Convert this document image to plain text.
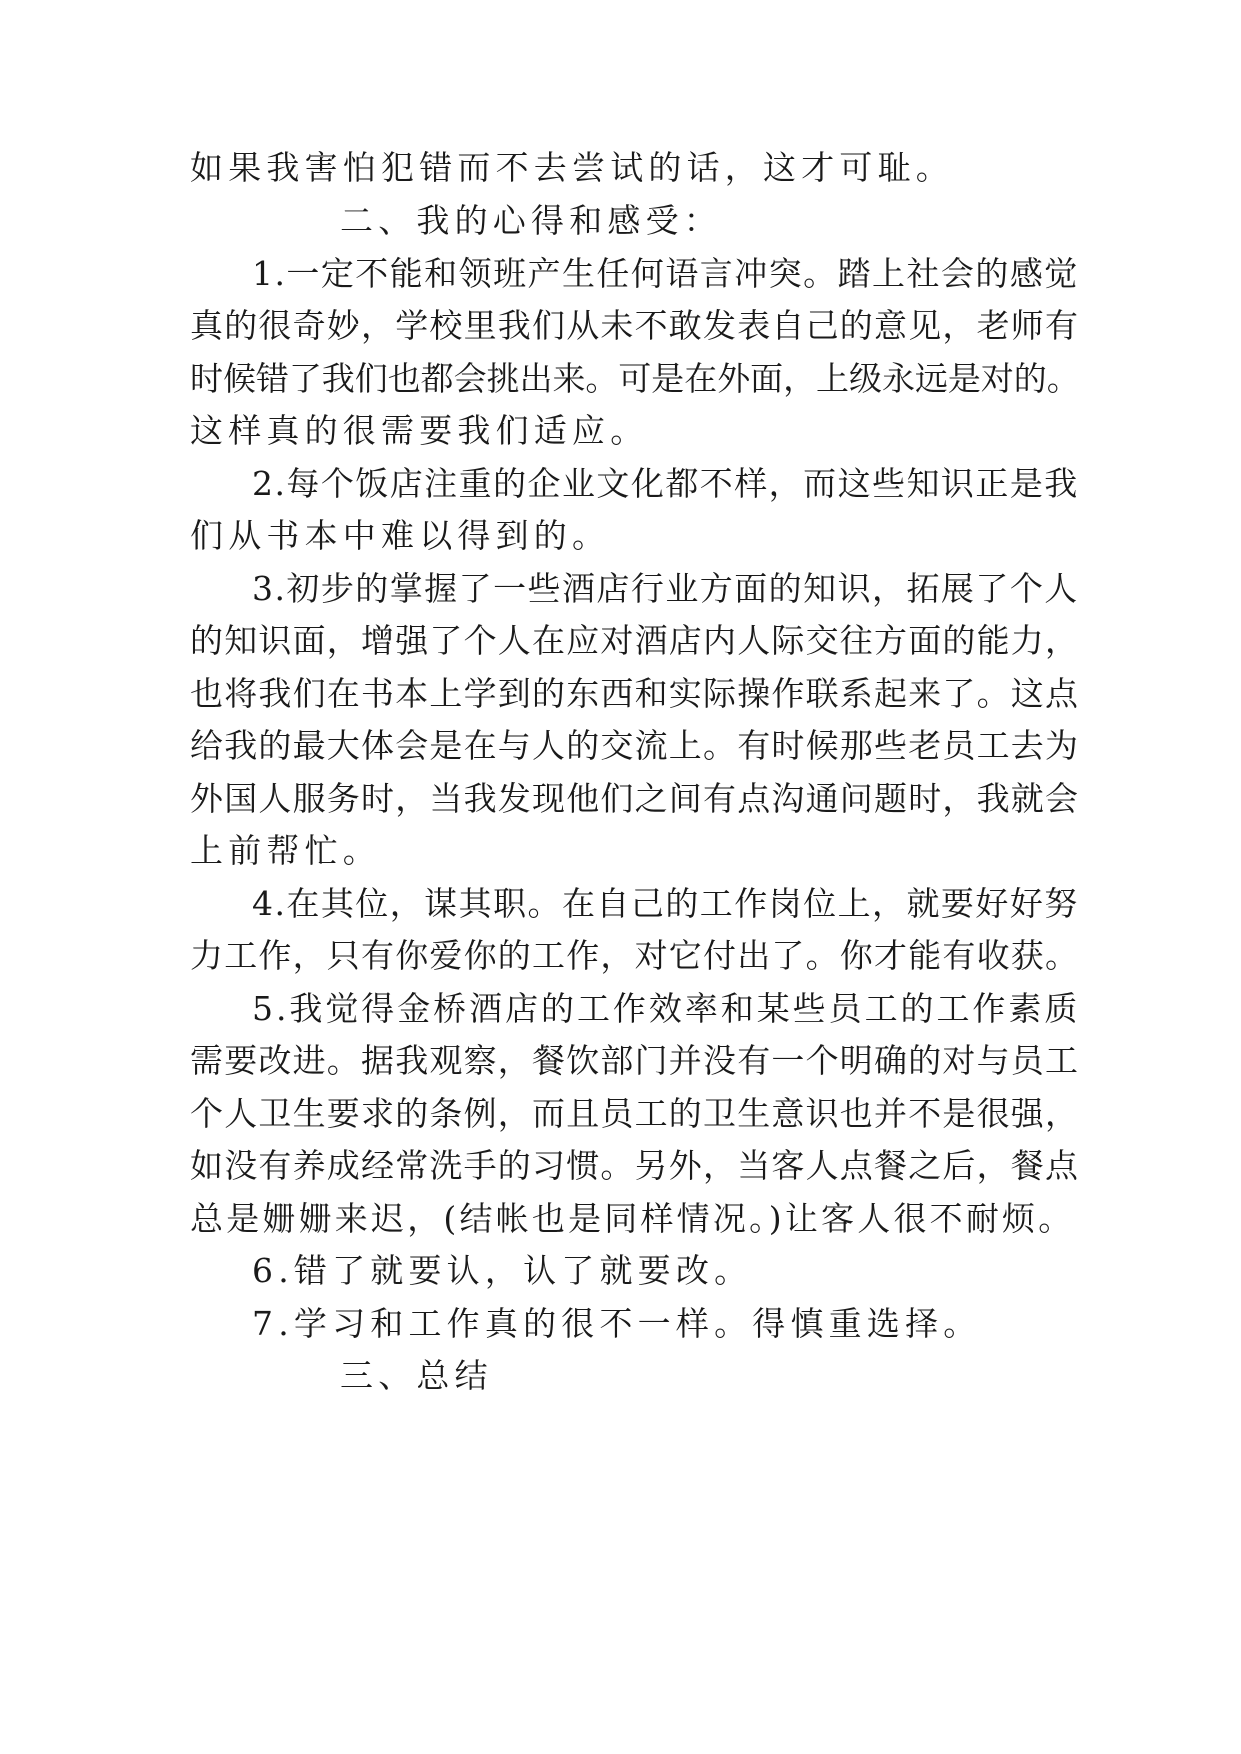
如果我害怕犯错而不去尝试的话，这才可耻。
二、我的心得和感受：
1.一定不能和领班产生任何语言冲突。踏上社会的感觉
真的很奇妙，学校里我们从未不敢发表自己的意见，老师有
时候错了我们也都会挑出来。可是在外面，上级永远是对的。
这样真的很需要我们适应。
2.每个饭店注重的企业文化都不样，而这些知识正是我
们从书本中难以得到的。
3.初步的掌握了一些酒店行业方面的知识，拓展了个人
的知识面，增强了个人在应对酒店内人际交往方面的能力，
也将我们在书本上学到的东西和实际操作联系起来了。这点
给我的最大体会是在与人的交流上。有时候那些老员工去为
外国人服务时，当我发现他们之间有点沟通问题时，我就会
上前帮忙。
4.在其位，谋其职。在自己的工作岗位上，就要好好努
力工作，只有你爱你的工作，对它付出了。你才能有收获。
5.我觉得金桥酒店的工作效率和某些员工的工作素质
需要改进。据我观察，餐饮部门并没有一个明确的对与员工
个人卫生要求的条例，而且员工的卫生意识也并不是很强，
如没有养成经常洗手的习惯。另外，当客人点餐之后，餐点
总是姗姗来迟，(结帐也是同样情况。)让客人很不耐烦。
6.错了就要认，认了就要改。
7.学习和工作真的很不一样。得慎重选择。
三、总结
